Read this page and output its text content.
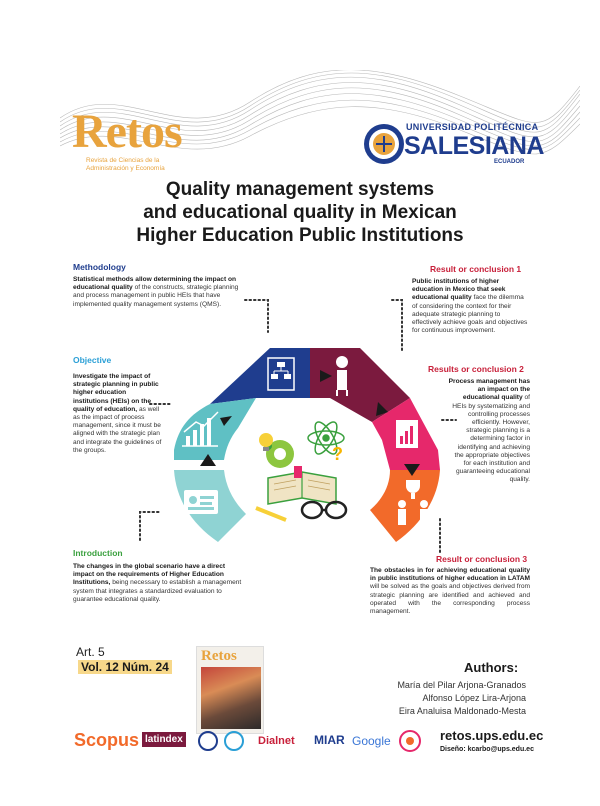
Retos
Revista de Ciencias de la Administración y Economía
UNIVERSIDAD POLITÉCNICA
SALESIANA
ECUADOR
Quality management systems
and educational quality in Mexican
Higher Education Public Institutions
Methodology
Statistical methods allow determining the impact on educational quality of the constructs, strategic planning and process management in public HEIs that have implemented quality management systems (QMS).
Objective
Investigate the impact of strategic planning in public higher education institutions (HEIs) on the quality of education, as well as the impact of process management, since it must be aligned with the strategic plan and integrate the guidelines of the groups.
Introduction
The changes in the global scenario have a direct impact on the requirements of Higher Education Institutions, being necessary to establish a management system that integrates a standardized evaluation to guarantee educational quality.
Result or conclusion 1
Public institutions of higher education in Mexico that seek educational quality face the dilemma of considering the context for their adequate strategic planning to effectively achieve goals and objectives for continuous improvement.
Results or conclusion 2
Process management has an impact on the educational quality of HEIs by systematizing and controlling processes efficiently. However, strategic planning is a determining factor in identifying and achieving the appropriate objectives for each institution and guaranteeing educational quality.
Result or conclusion 3
The obstacles in for achieving educational quality in public institutions of higher education in LATAM will be solved as the goals and objectives derived from strategic planning are identified and achieved and operated with the corresponding process management.
?
Art. 5
Vol. 12 Núm. 24
Retos
Authors:
María del Pilar Arjona-Granados
Alfonso López Lira-Arjona
Eira Analuisa Maldonado-Mesta
Scopus latindex	Dialnet MIAR Google	retos.ups.edu.ec
Diseño: kcarbo@ups.edu.ec
